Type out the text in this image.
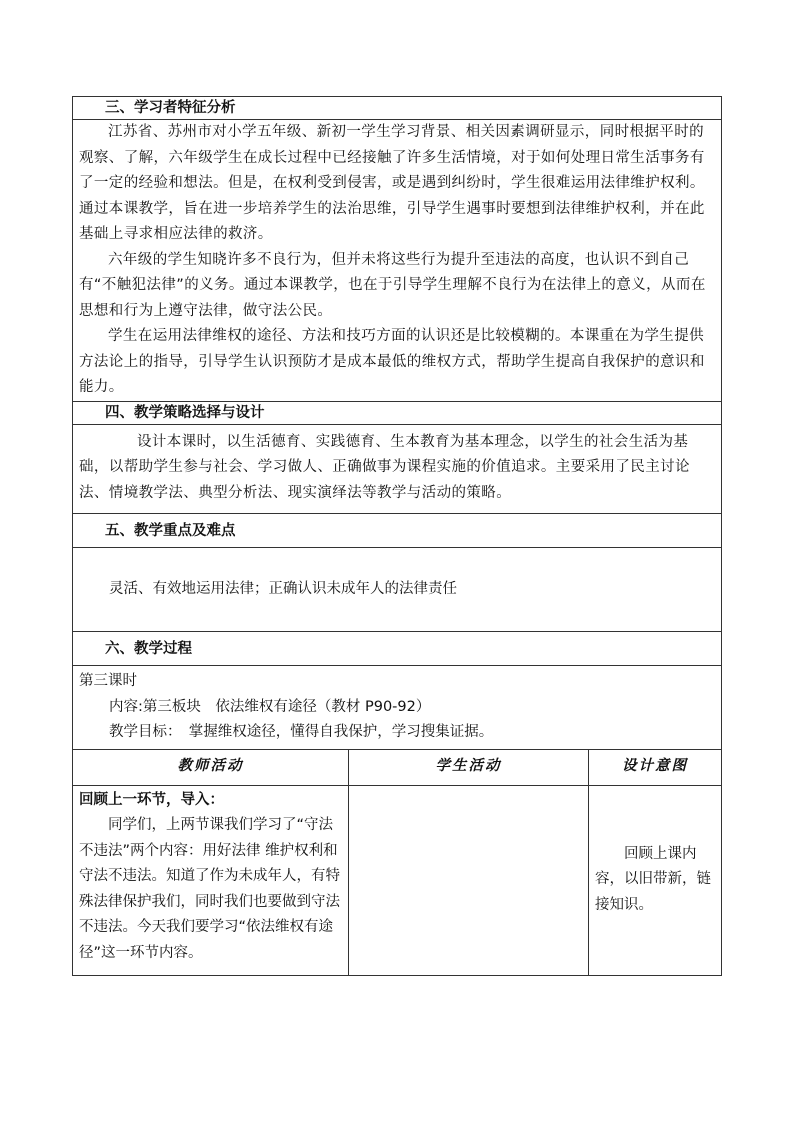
三、学习者特征分析		

江苏省、苏州市对小学五年级、新初一学生学习背景、相关因素调研显示，同时根据平时的观察、了解，六年级学生在成长过程中已经接触了许多生活情境，对于如何处理日常生活事务有了一定的经验和想法。但是，在权利受到侵害，或是遇到纠纷时，学生很难运用法律维护权利。通过本课教学，旨在进一步培养学生的法治思维，引导学生遇事时要想到法律维护权利，并在此基础上寻求相应法律的救济。

六年级的学生知晓许多不良行为，但并未将这些行为提升至违法的高度，也认识不到自己有“不触犯法律”的义务。通过本课教学，也在于引导学生理解不良行为在法律上的意义，从而在思想和行为上遵守法律，做守法公民。

学生在运用法律维权的途径、方法和技巧方面的认识还是比较模糊的。本课重在为学生提供方法论上的指导，引导学生认识预防才是成本最低的维权方式，帮助学生提高自我保护的意识和能力。		

四、教学策略选择与设计		

设计本课时，以生活德育、实践德育、生本教育为基本理念，以学生的社会生活为基础，以帮助学生参与社会、学习做人、正确做事为课程实施的价值追求。主要采用了民主讨论法、情境教学法、典型分析法、现实演绎法等教学与活动的策略。		

五、教学重点及难点		

灵活、有效地运用法律；正确认识未成年人的法律责任		

六、教学过程		

第三课时
内容:第三板块　依法维权有途径（教材 P90-92）
教学目标：　掌握维权途径，懂得自我保护，学习搜集证据。		

教师活动	学生活动	设计意图

回顾上一环节，导入：

同学们，上两节课我们学习了“守法不违法”两个内容：用好法律 维护权利和守法不违法。知道了作为未成年人，有特殊法律保护我们，同时我们也要做到守法不违法。今天我们要学习“依法维权有途径”这一环节内容。		回顾上课内容，以旧带新，链接知识。
